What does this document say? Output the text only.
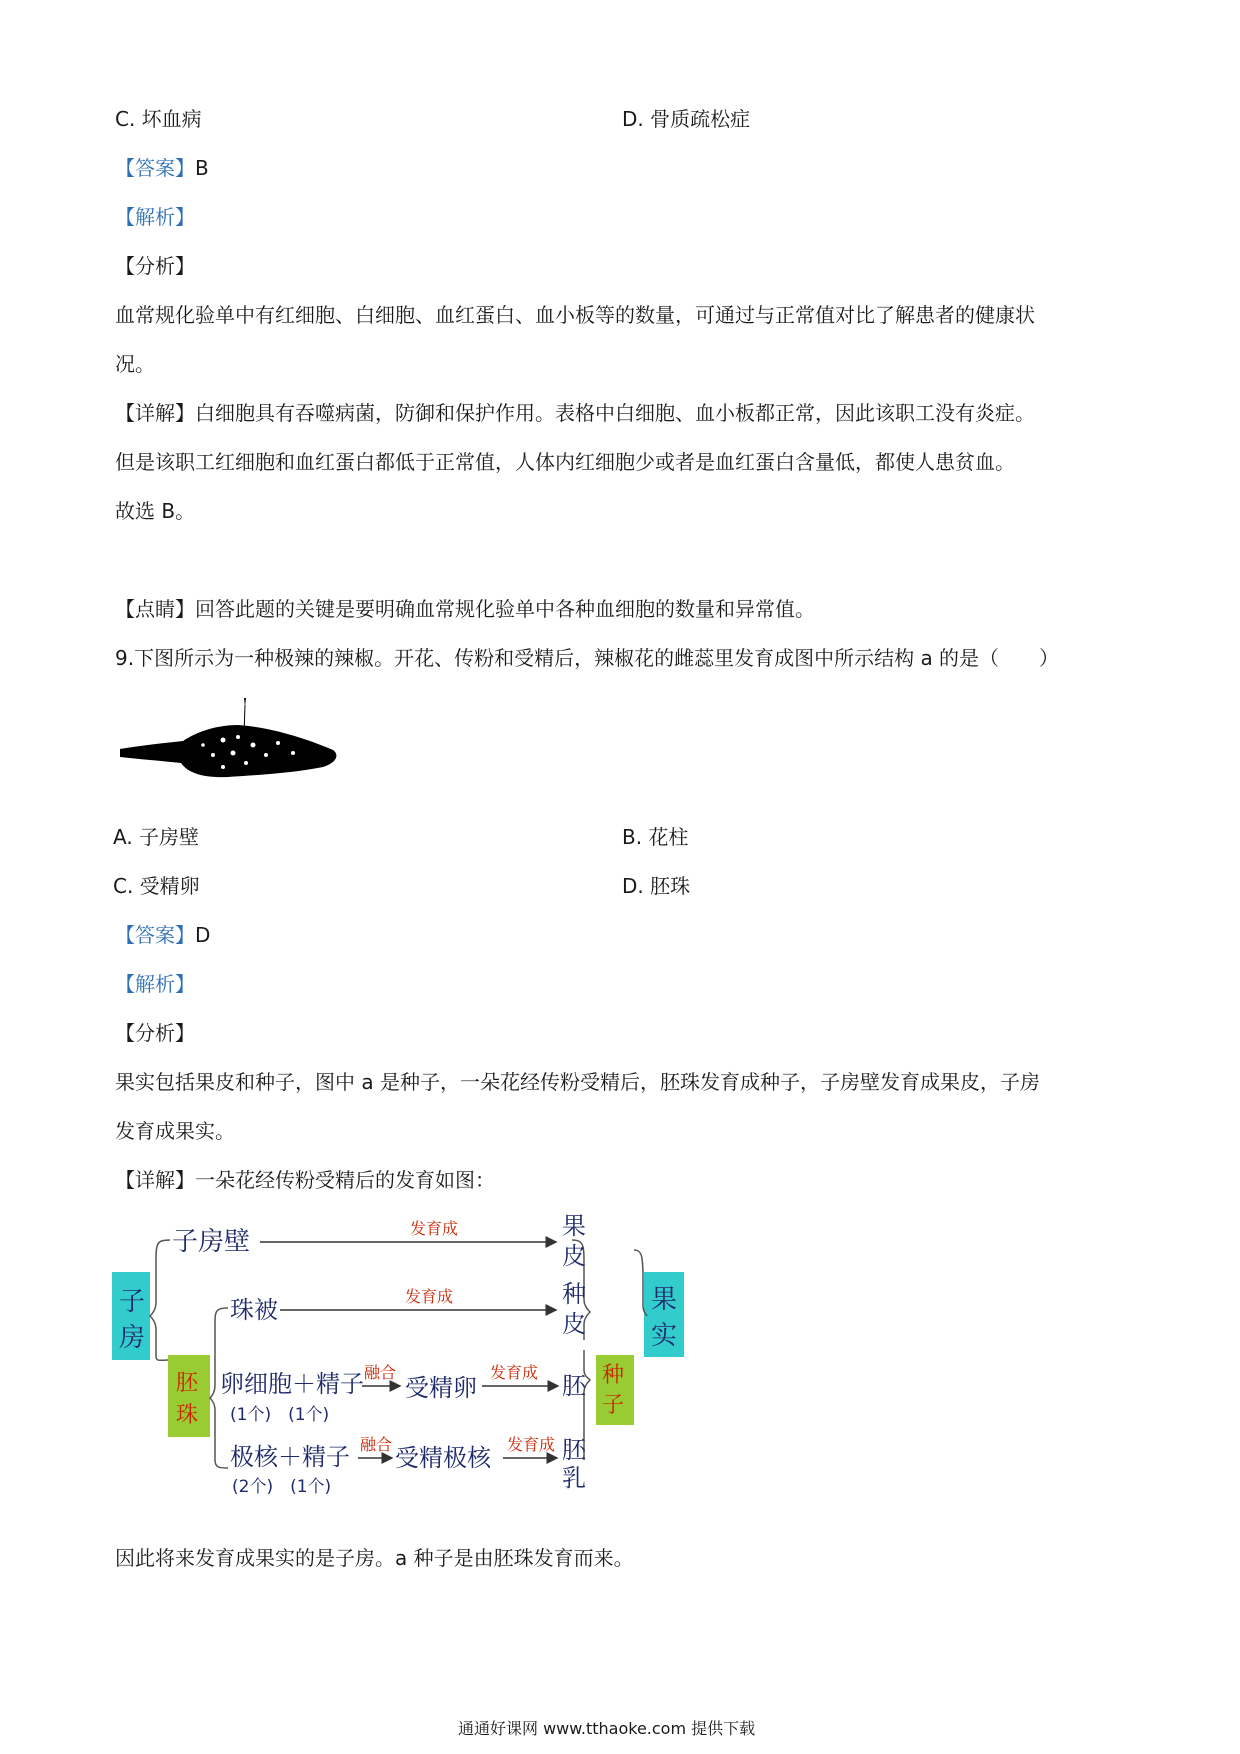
C. 坏血病	D. 骨质疏松症
【答案】B
【解析】
【分析】
血常规化验单中有红细胞、白细胞、血红蛋白、血小板等的数量，可通过与正常值对比了解患者的健康状
况。
【详解】白细胞具有吞噬病菌，防御和保护作用。表格中白细胞、血小板都正常，因此该职工没有炎症。
但是该职工红细胞和血红蛋白都低于正常值，人体内红细胞少或者是血红蛋白含量低，都使人患贫血。
故选 B。
【点睛】回答此题的关键是要明确血常规化验单中各种血细胞的数量和异常值。
9.下图所示为一种极辣的辣椒。开花、传粉和受精后，辣椒花的雌蕊里发育成图中所示结构 a 的是（　　）
A. 子房壁	B. 花柱
C. 受精卵	D. 胚珠
【答案】D
【解析】
【分析】
果实包括果皮和种子，图中 a 是种子，一朵花经传粉受精后，胚珠发育成种子，子房壁发育成果皮，子房
发育成果实。
【详解】一朵花经传粉受精后的发育如图：
子
房
子房壁
珠被
胚
珠
卵细胞＋精子
(1个)　(1个)
融合
受精卵
发育成 胚
极核＋精子
(2个)　(1个)
融合 受精极核 发育成 胚
乳
发育成
发育成
果
皮
种
皮
种
子
果
实
因此将来发育成果实的是子房。a 种子是由胚珠发育而来。
通通好课网 www.tthaoke.com 提供下载
